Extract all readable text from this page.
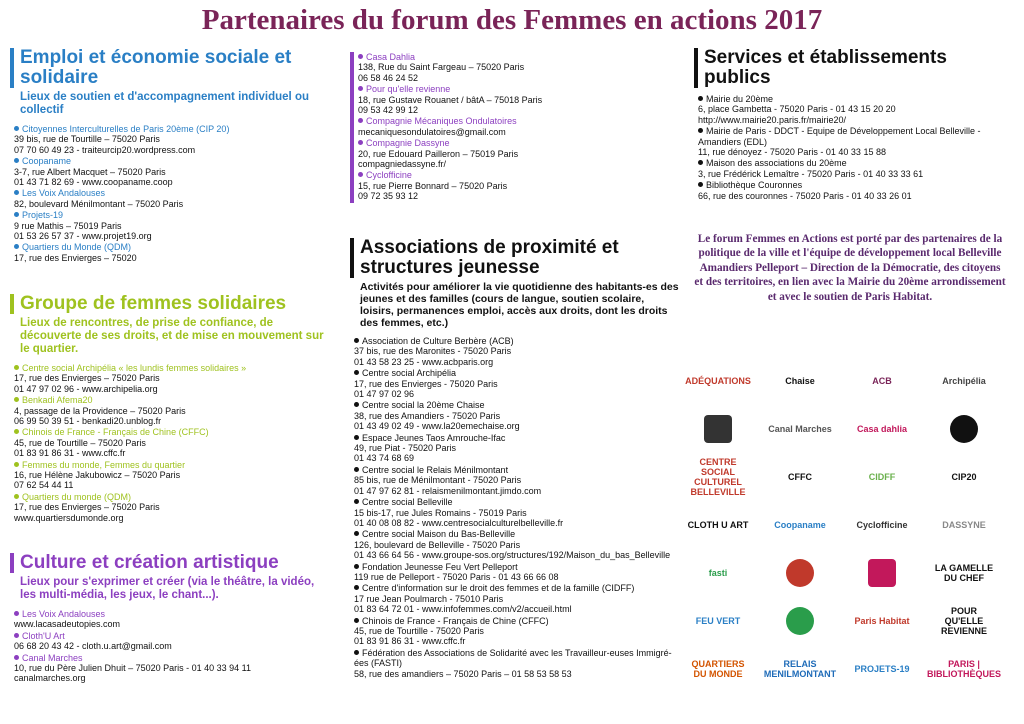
Partenaires du forum des Femmes en actions 2017
Emploi et économie sociale et solidaire
Lieux de soutien et d'accompagnement individuel ou collectif
Citoyennes Interculturelles de Paris 20ème (CIP 20)
39 bis, rue de Tourtille – 75020 Paris
07 70 60 49 23 - traiteurcip20.wordpress.com
Coopaname
3-7, rue Albert Macquet – 75020 Paris
01 43 71 82 69 - www.coopaname.coop
Les Voix Andalouses
82, boulevard Ménilmontant – 75020 Paris
Projets-19
9 rue Mathis – 75019 Paris
01 53 26 57 37 - www.projet19.org
Quartiers du Monde (QDM)
17, rue des Envierges – 75020
Groupe de femmes solidaires
Lieux de rencontres, de prise de confiance, de découverte de ses droits, et de mise en mouvement sur le quartier.
Centre social Archipélia « les lundis femmes solidaires »
17, rue des Envierges – 75020 Paris
01 47 97 02 96 - www.archipelia.org
Benkadi Afema20
4, passage de la Providence – 75020 Paris
06 99 50 39 51 - benkadi20.unblog.fr
Chinois de France - Français de Chine (CFFC)
45, rue de Tourtille – 75020 Paris
01 83 91 86 31 - www.cffc.fr
Femmes du monde, Femmes du quartier
16, rue Hélène Jakubowicz – 75020 Paris
07 62 54 44 11
Quartiers du monde (QDM)
17, rue des Envierges – 75020 Paris
www.quartiersdumonde.org
Culture et création artistique
Lieux pour s'exprimer et créer (via le théâtre, la vidéo, les multi-média, les jeux, le chant...).
Les Voix Andalouses
www.lacasadeutopies.com
Cloth'U Art
06 68 20 43 42 - cloth.u.art@gmail.com
Canal Marches
10, rue du Père Julien Dhuit – 75020 Paris - 01 40 33 94 11
canalmarches.org
Casa Dahlia
138, Rue du Saint Fargeau – 75020 Paris
06 58 46 24 52
Pour qu'elle revienne
18, rue Gustave Rouanet / bâtA – 75018 Paris
09 53 42 99 12
Compagnie Mécaniques Ondulatoires
mecaniquesondulatoires@gmail.com
Compagnie Dassyne
20, rue Edouard Pailleron – 75019 Paris
compagniedassyne.fr/
Cyclofficine
15, rue Pierre Bonnard – 75020 Paris
09 72 35 93 12
Associations de proximité et structures jeunesse
Activités pour améliorer la vie quotidienne des habitants-es des jeunes et des familles (cours de langue, soutien scolaire, loisirs, permanences emploi, accès aux droits, dont les droits des femmes, etc.)
Association de Culture Berbère (ACB)
37 bis, rue des Maronites - 75020 Paris
01 43 58 23 25 - www.acbparis.org
Centre social Archipélia
17, rue des Envierges - 75020 Paris
01 47 97 02 96
Centre social la 20ème Chaise
38, rue des Amandiers - 75020 Paris
01 43 49 02 49 - www.la20emechaise.org
Espace Jeunes Taos Amrouche-Ifac
49, rue Piat - 75020 Paris
01 43 74 68 69
Centre social le Relais Ménilmontant
85 bis, rue de Ménilmontant - 75020 Paris
01 47 97 62 81 - relaismenilmontant.jimdo.com
Centre social Belleville
15 bis-17, rue Jules Romains - 75019 Paris
01 40 08 08 82 - www.centresocialculturelbelleville.fr
Centre social Maison du Bas-Belleville
126, boulevard de Belleville - 75020 Paris
01 43 66 64 56 - www.groupe-sos.org/structures/192/Maison_du_bas_Belleville
Fondation Jeunesse Feu Vert Pelleport
119 rue de Pelleport - 75020 Paris - 01 43 66 66 08
Centre d'information sur le droit des femmes et de la famille (CIDFF)
17 rue Jean Poulmarch - 75010 Paris
01 83 64 72 01 - www.infofemmes.com/v2/accueil.html
Chinois de France - Français de Chine (CFFC)
45, rue de Tourtille - 75020 Paris
01 83 91 86 31 - www.cffc.fr
Fédération des Associations de Solidarité avec les Travailleur-euses Immigré-ées (FASTI)
58, rue des amandiers – 75020 Paris – 01 58 53 58 53
Services et établissements publics
Mairie du 20ème
6, place Gambetta - 75020 Paris - 01 43 15 20 20
http://www.mairie20.paris.fr/mairie20/
Mairie de Paris - DDCT - Equipe de Développement Local Belleville - Amandiers (EDL)
11, rue dénoyez - 75020 Paris - 01 40 33 15 88
Maison des associations du 20ème
3, rue Frédérick Lemaître - 75020 Paris - 01 40 33 33 61
Bibliothèque Couronnes
66, rue des couronnes - 75020 Paris - 01 40 33 26 01
Le forum Femmes en Actions est porté par des partenaires de la politique de la ville et l'équipe de développement local Belleville Amandiers Pelleport – Direction de la Démocratie, des citoyens et des territoires, en lien avec la Mairie du 20ème arrondissement et avec le soutien de Paris Habitat.
ADÉQUATIONS	Chaise	ACB	Archipélia
Canal Marches	Casa dahlia
CENTRE SOCIAL CULTUREL BELLEVILLE
CFFC	CIDFF	CIP20
CLOTH U ART	Coopaname	Cyclofficine	DASSYNE
fasti	LA GAMELLE DU CHEF
FEU VERT	Paris Habitat
POUR QU'ELLE REVIENNE
QUARTIERS DU MONDE
RELAIS MENILMONTANT	PROJETS-19	PARIS | BIBLIOTHÈQUES
